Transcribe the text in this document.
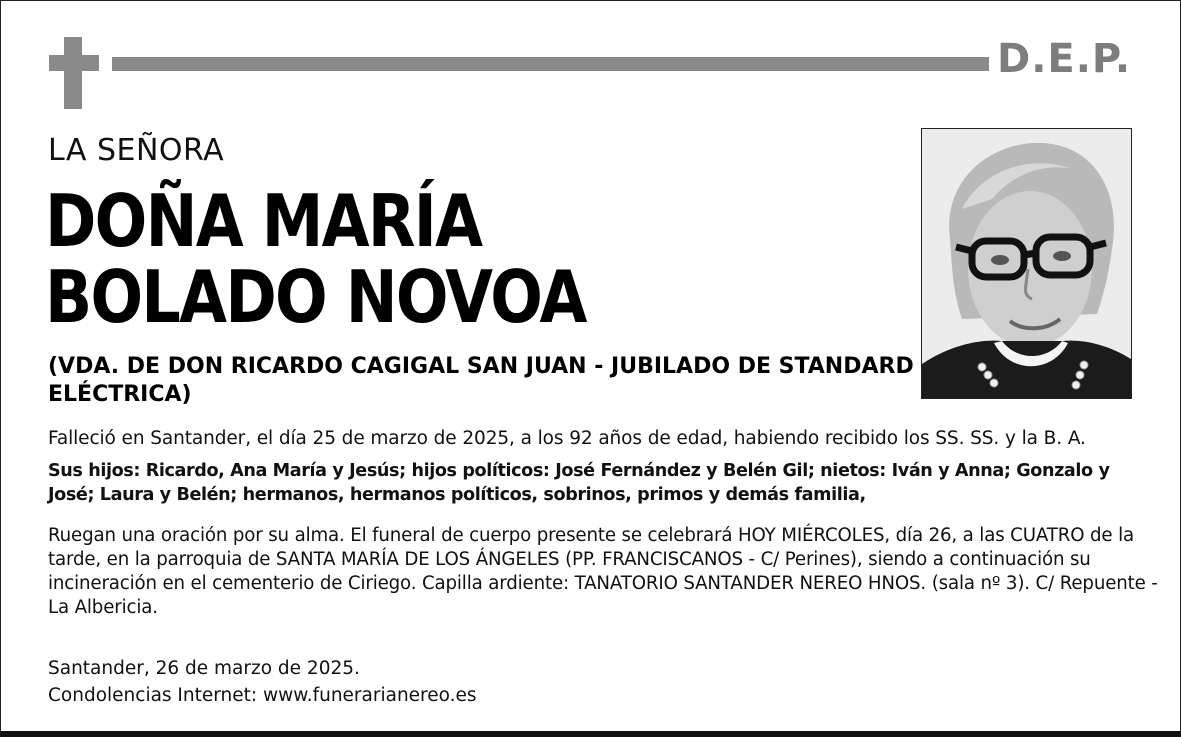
D.E.P.
LA SEÑORA
DOÑA MARÍA
BOLADO NOVOA
(VDA. DE DON RICARDO CAGIGAL SAN JUAN - JUBILADO DE STANDARD ELÉCTRICA)
Falleció en Santander, el día 25 de marzo de 2025, a los 92 años de edad, habiendo recibido los SS. SS. y la B. A.
Sus hijos: Ricardo, Ana María y Jesús; hijos políticos: José Fernández y Belén Gil; nietos: Iván y Anna; Gonzalo y José; Laura y Belén; hermanos, hermanos políticos, sobrinos, primos y demás familia,
Ruegan una oración por su alma. El funeral de cuerpo presente se celebrará HOY MIÉRCOLES, día 26, a las CUATRO de la tarde, en la parroquia de SANTA MARÍA DE LOS ÁNGELES (PP. FRANCISCANOS - C/ Perines), siendo a continuación su incineración en el cementerio de Ciriego. Capilla ardiente: TANATORIO SANTANDER NEREO HNOS. (sala nº 3). C/ Repuente - La Albericia.
Santander, 26 de marzo de 2025.
Condolencias Internet: www.funerarianereo.es
